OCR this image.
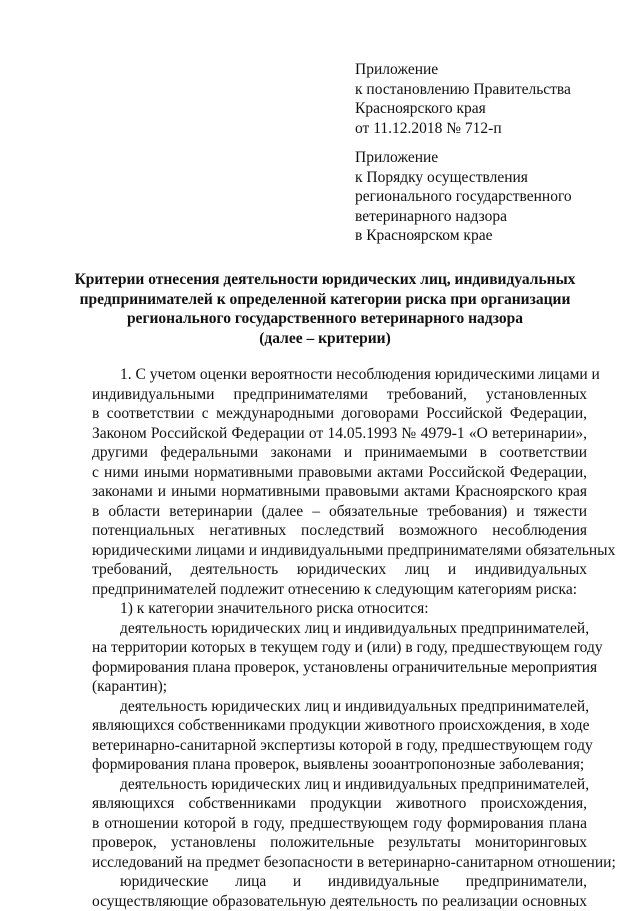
Приложение
к постановлению Правительства
Красноярского края
от 11.12.2018 № 712-п
Приложение
к Порядку осуществления
регионального государственного
ветеринарного надзора
в Красноярском крае
Критерии отнесения деятельности юридических лиц, индивидуальных
предпринимателей к определенной категории риска при организации
регионального государственного ветеринарного надзора
(далее – критерии)
1. С учетом оценки вероятности несоблюдения юридическими лицами и
индивидуальными предпринимателями требований, установленных
в соответствии с международными договорами Российской Федерации,
Законом Российской Федерации от 14.05.1993 № 4979-1 «О ветеринарии»,
другими федеральными законами и принимаемыми в соответствии
с ними иными нормативными правовыми актами Российской Федерации,
законами и иными нормативными правовыми актами Красноярского края
в области ветеринарии (далее – обязательные требования) и тяжести
потенциальных негативных последствий возможного несоблюдения
юридическими лицами и индивидуальными предпринимателями обязательных
требований, деятельность юридических лиц и индивидуальных
предпринимателей подлежит отнесению к следующим категориям риска:
1) к категории значительного риска относится:
деятельность юридических лиц и индивидуальных предпринимателей,
на территории которых в текущем году и (или) в году, предшествующем году
формирования плана проверок, установлены ограничительные мероприятия
(карантин);
деятельность юридических лиц и индивидуальных предпринимателей,
являющихся собственниками продукции животного происхождения, в ходе
ветеринарно-санитарной экспертизы которой в году, предшествующем году
формирования плана проверок, выявлены зооантропонозные заболевания;
деятельность юридических лиц и индивидуальных предпринимателей,
являющихся собственниками продукции животного происхождения,
в отношении которой в году, предшествующем году формирования плана
проверок, установлены положительные результаты мониторинговых
исследований на предмет безопасности в ветеринарно-санитарном отношении;
юридические лица и индивидуальные предприниматели,
осуществляющие образовательную деятельность по реализации основных
